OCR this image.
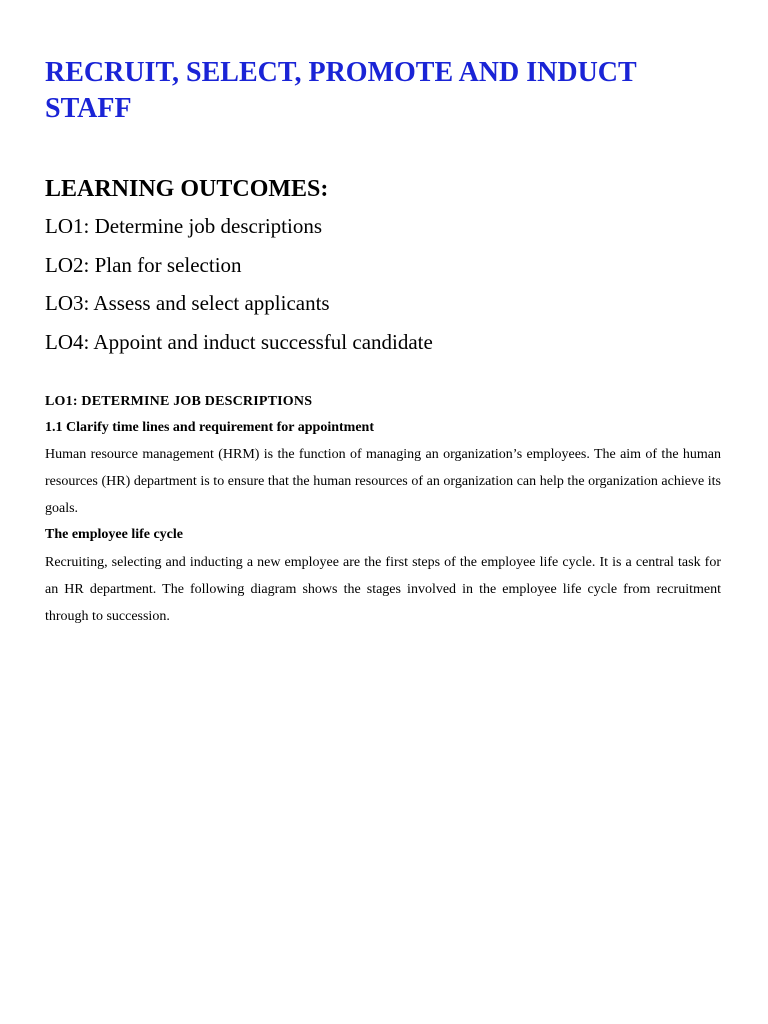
RECRUIT, SELECT, PROMOTE AND INDUCT STAFF
LEARNING OUTCOMES:
LO1: Determine job descriptions
LO2: Plan for selection
LO3: Assess and select applicants
LO4: Appoint and induct successful candidate
LO1: DETERMINE JOB DESCRIPTIONS
1.1 Clarify time lines and requirement for appointment

Human resource management (HRM) is the function of managing an organization’s employees. The aim of the human resources (HR) department is to ensure that the human resources of an organization can help the organization achieve its goals.

The employee life cycle

Recruiting, selecting and inducting a new employee are the first steps of the employee life cycle. It is a central task for an HR department. The following diagram shows the stages involved in the employee life cycle from recruitment through to succession.
